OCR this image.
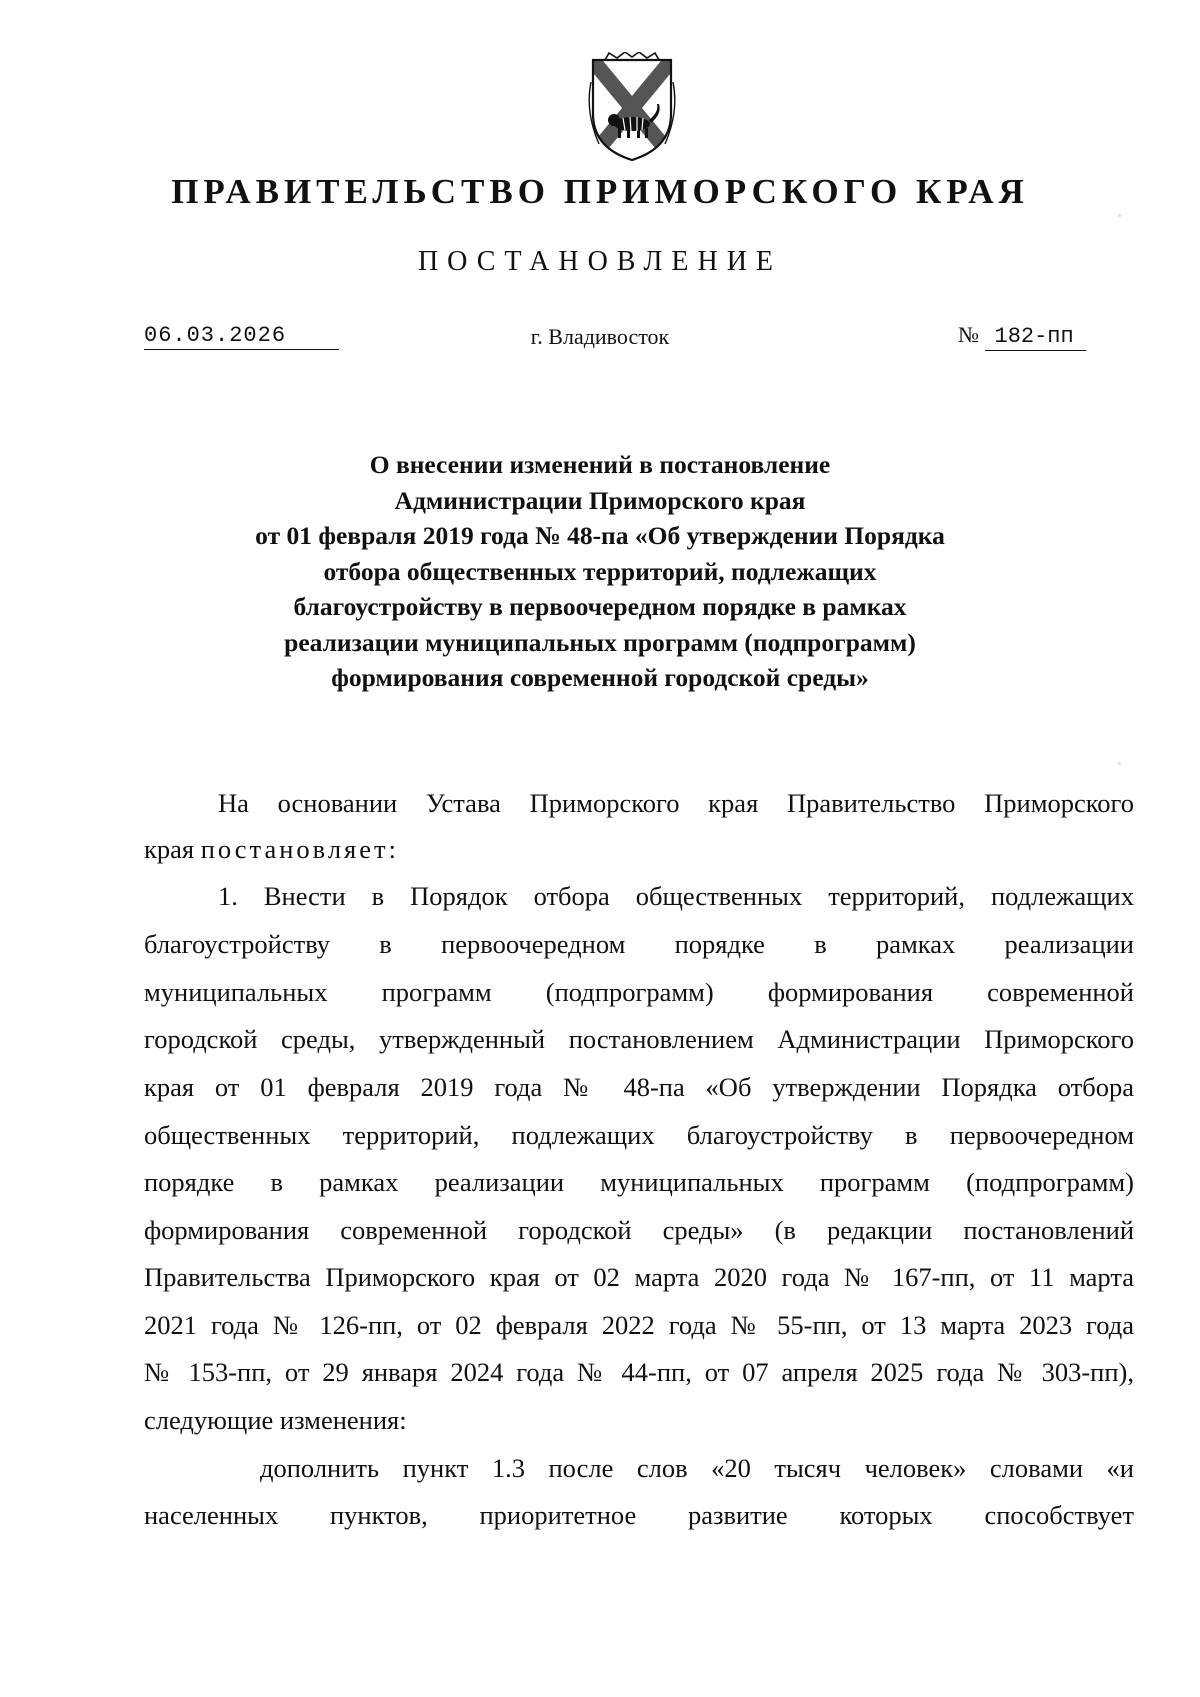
ПРАВИТЕЛЬСТВО ПРИМОРСКОГО КРАЯ
ПОСТАНОВЛЕНИЕ
06.03.2026	г. Владивосток	№ 182-пп
О внесении изменений в постановление
Администрации Приморского края
от 01 февраля 2019 года № 48-па «Об утверждении Порядка
отбора общественных территорий, подлежащих
благоустройству в первоочередном порядке в рамках
реализации муниципальных программ (подпрограмм)
формирования современной городской среды»
На основании Устава Приморского края Правительство Приморского
края постановляет:
1. Внести в Порядок отбора общественных территорий, подлежащих
благоустройству в первоочередном порядке в рамках реализации
муниципальных программ (подпрограмм) формирования современной
городской среды, утвержденный постановлением Администрации Приморского
края от 01 февраля 2019 года № 48-па «Об утверждении Порядка отбора
общественных территорий, подлежащих благоустройству в первоочередном
порядке в рамках реализации муниципальных программ (подпрограмм)
формирования современной городской среды» (в редакции постановлений
Правительства Приморского края от 02 марта 2020 года № 167-пп, от 11 марта
2021 года № 126-пп, от 02 февраля 2022 года № 55-пп, от 13 марта 2023 года
№ 153-пп, от 29 января 2024 года № 44-пп, от 07 апреля 2025 года № 303-пп),
следующие изменения:
дополнить пункт 1.3 после слов «20 тысяч человек» словами «и
населенных пунктов, приоритетное развитие которых способствует
